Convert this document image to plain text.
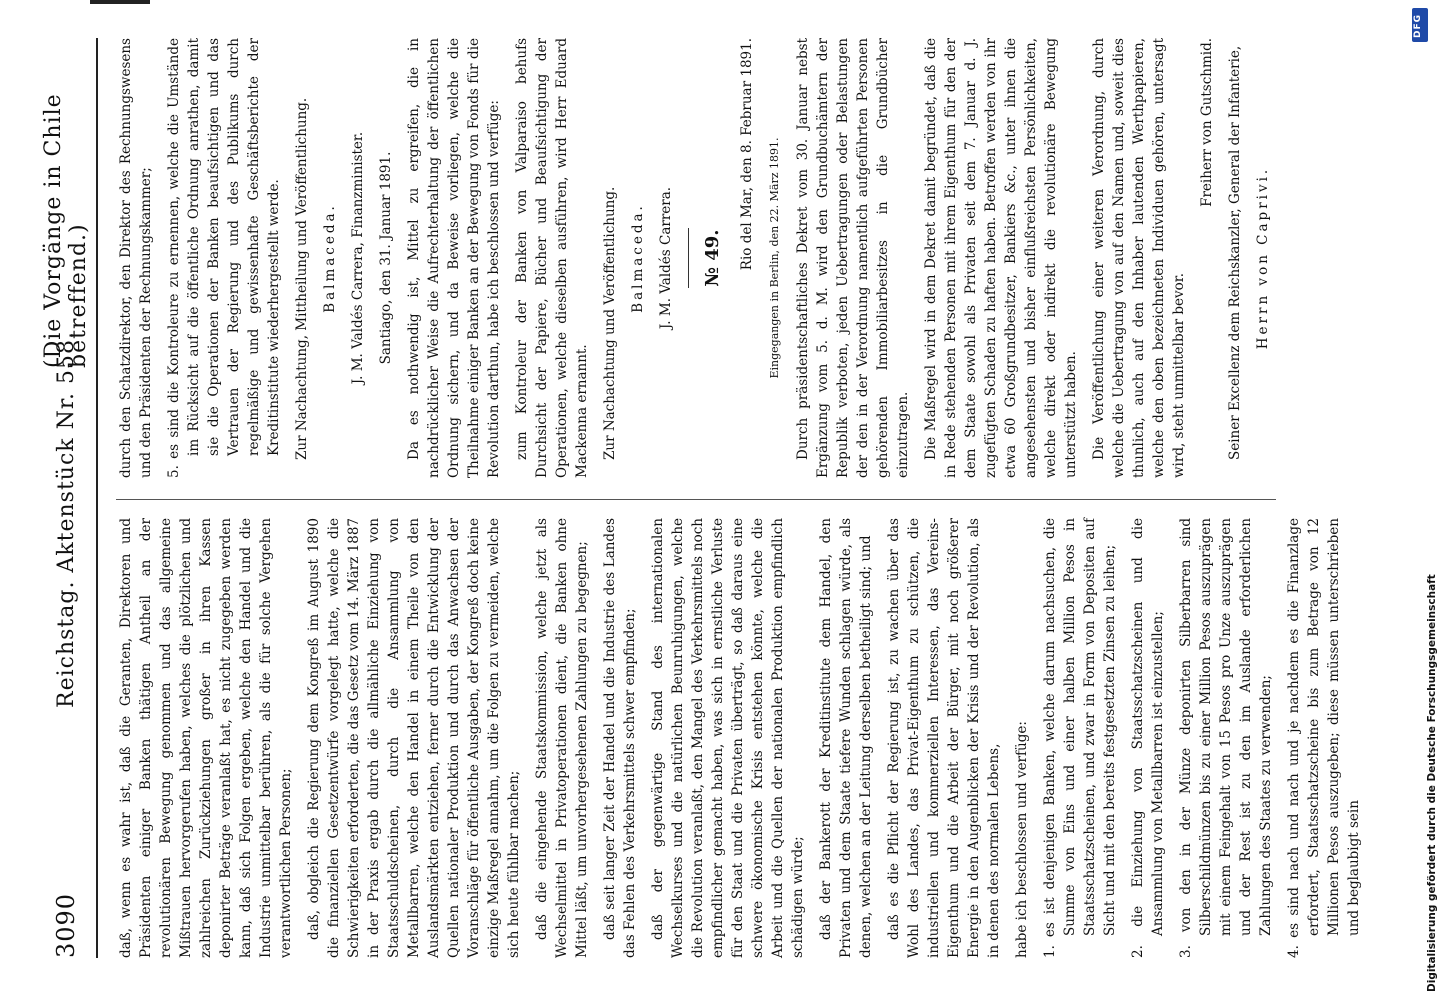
3090
Reichstag. Aktenstück Nr. 558.
(Die Vorgänge in Chile betreffend.)

daß, wenn es wahr ist, daß die Geranten, Direktoren und Präsidenten einiger Banken thätigen Antheil an der revolutionären Bewegung genommen und das allgemeine Mißtrauen hervorgerufen haben, welches die plötzlichen und zahlreichen Zurückziehungen großer in ihren Kassen deponirter Beträge veranlaßt hat, es nicht zugegeben werden kann, daß sich Folgen ergeben, welche den Handel und die Industrie unmittelbar berühren, als die für solche Vergehen verantwortlichen Personen; daß, obgleich die Regierung dem Kongreß im August 1890 die finanziellen Gesetzentwürfe vorgelegt hatte, welche die Schwierigkeiten erforderten, die das Gesetz vom 14. März 1887 in der Praxis ergab durch die allmähliche Einziehung von Staatsschuldscheinen, durch die Ansammlung von Metallbarren, welche den Handel in einem Theile von den Auslandsmärkten entziehen, ferner durch die Entwicklung der Quellen nationaler Produktion und durch das Anwachsen der Voranschläge für öffentliche Ausgaben, der Kongreß doch keine einzige Maßregel annahm, um die Folgen zu vermeiden, welche sich heute fühlbar machen; daß die eingehende Staatskommission, welche jetzt als Wechselmittel in Privatoperationen dient, die Banken ohne Mittel läßt, um unvorhergesehenen Zahlungen zu begegnen; daß seit langer Zeit der Handel und die Industrie des Landes das Fehlen des Verkehrsmittels schwer empfinden; daß der gegenwärtige Stand des internationalen Wechselkurses und die natürlichen Beunruhigungen, welche die Revolution veranlaßt, den Mangel des Verkehrsmittels noch empfindlicher gemacht haben, was sich in ernstliche Verluste für den Staat und die Privaten überträgt, so daß daraus eine schwere ökonomische Krisis entstehen könnte, welche die Arbeit und die Quellen der nationalen Produktion empfindlich schädigen würde; daß der Bankerott der Kreditinstitute dem Handel, den Privaten und dem Staate tiefere Wunden schlagen würde, als denen, welchen an der Leitung derselben betheiligt sind; und daß es die Pflicht der Regierung ist, zu wachen über das Wohl des Landes, das Privat-Eigenthum zu schützen, die industriellen und kommerziellen Interessen, das Vereins-Eigenthum und die Arbeit der Bürger, mit noch größerer Energie in den Augenblicken der Krisis und der Revolution, als in denen des normalen Lebens, habe ich beschlossen und verfüge: 1. es ist denjenigen Banken, welche darum nachsuchen, die Summe von Eins und einer halben Million Pesos in Staatsschatzscheinen, und zwar in Form von Depositen auf Sicht und mit den bereits festgesetzten Zinsen zu leihen; 2. die Einziehung von Staatsschatzscheinen und die Ansammlung von Metallbarren ist einzustellen; 3. von den in der Münze deponirten Silberbarren sind Silberschildmünzen bis zu einer Million Pesos auszuprägen mit einem Feingehalt von 15 Pesos pro Unze auszuprägen und der Rest ist zu den im Auslande erforderlichen Zahlungen des Staates zu verwenden; 4. es sind nach und nach und je nachdem es die Finanzlage erfordert, Staatsschatzscheine bis zum Betrage von 12 Millionen Pesos auszugeben; diese müssen unterschrieben und beglaubigt sein

durch den Schatzdirektor, den Direktor des Rechnungswesens und den Präsidenten der Rechnungskammer; 5. es sind die Kontroleure zu ernennen, welche die Umstände im Rücksicht auf die öffentliche Ordnung anrathen, damit sie die Operationen der Banken beaufsichtigen und das Vertrauen der Regierung und des Publikums durch regelmäßige und gewissenhafte Geschäftsberichte der Kreditinstitute wiederhergestellt werde. Zur Nachachtung, Mittheilung und Veröffentlichung. Balmaceda. J. M. Valdés Carrera, Finanzminister. Santiago, den 31. Januar 1891. Da es nothwendig ist, Mittel zu ergreifen, die in nachdrücklicher Weise die Aufrechterhaltung der öffentlichen Ordnung sichern, und da Beweise vorliegen, welche die Theilnahme einiger Banken an der Bewegung von Fonds für die Revolution darthun, habe ich beschlossen und verfüge: zum Kontroleur der Banken von Valparaiso behufs Durchsicht der Papiere, Bücher und Beaufsichtigung der Operationen, welche dieselben ausführen, wird Herr Eduard Mackenna ernannt. Zur Nachachtung und Veröffentlichung. Balmaceda. J. M. Valdés Carrera. № 49. Rio del Mar, den 8. Februar 1891. Eingegangen in Berlin, den 22. März 1891. Durch präsidentschaftliches Dekret vom 30. Januar nebst Ergänzung vom 5. d. M. wird den Grundbuchämtern der Republik verboten, jeden Uebertragungen oder Belastungen der den in der Verordnung namentlich aufgeführten Personen gehörenden Immobiliarbesitzes in die Grundbücher einzutragen. Die Maßregel wird in dem Dekret damit begründet, daß die in Rede stehenden Personen mit ihrem Eigenthum für den der dem Staate sowohl als Privaten seit dem 7. Januar d. J. zugefügten Schaden zu haften haben. Betroffen werden von ihr etwa 60 Großgrundbesitzer, Bankiers &c., unter ihnen die angesehensten und bisher einflußreichsten Persönlichkeiten, welche direkt oder indirekt die revolutionäre Bewegung unterstützt haben. Die Veröffentlichung einer weiteren Verordnung, durch welche die Uebertragung von auf den Namen und, soweit dies thunlich, auch auf den Inhaber lautenden Werthpapieren, welche den oben bezeichneten Individuen gehören, untersagt wird, steht unmittelbar bevor.

Freiherr von Gutschmid. Seiner Excellenz dem Reichskanzler, General der Infanterie, Herrn von Caprivi.

Digitalisierung gefördert durch die Deutsche Forschungsgemeinschaft
DFG
